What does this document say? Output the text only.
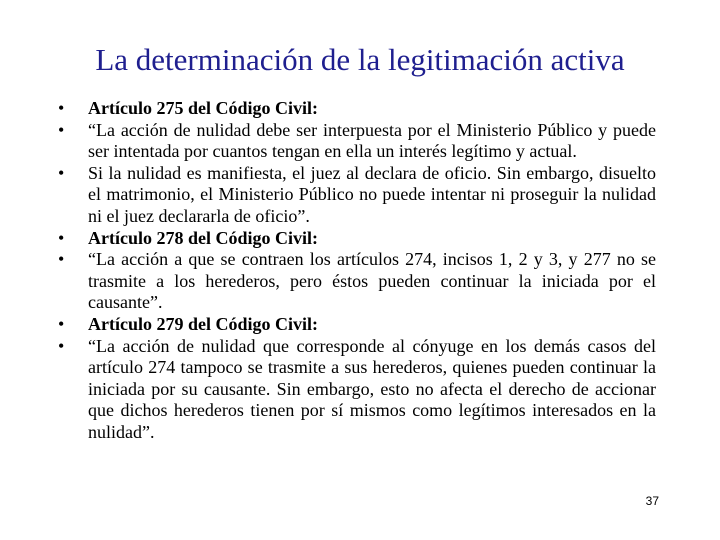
La determinación de la legitimación activa
•	Artículo 275 del Código Civil:
•	“La acción de nulidad debe ser interpuesta por el Ministerio Público y puede ser intentada por cuantos tengan en ella un interés legítimo y actual.
•	Si la nulidad es manifiesta, el juez al declara de oficio. Sin embargo, disuelto el matrimonio, el Ministerio Público no puede intentar ni proseguir la nulidad ni el juez declararla de oficio”.
•	Artículo 278 del Código Civil:
•	“La acción a que se contraen los artículos 274, incisos 1, 2 y 3, y 277 no se trasmite a los herederos, pero éstos pueden continuar la iniciada por el causante”.
•	Artículo 279 del Código Civil:
•	“La acción de nulidad que corresponde al cónyuge en los demás casos del artículo 274 tampoco se trasmite a sus herederos, quienes pueden continuar la iniciada por su causante. Sin embargo, esto no afecta el derecho de accionar que dichos herederos tienen por sí mismos como legítimos interesados en la nulidad”.
37
